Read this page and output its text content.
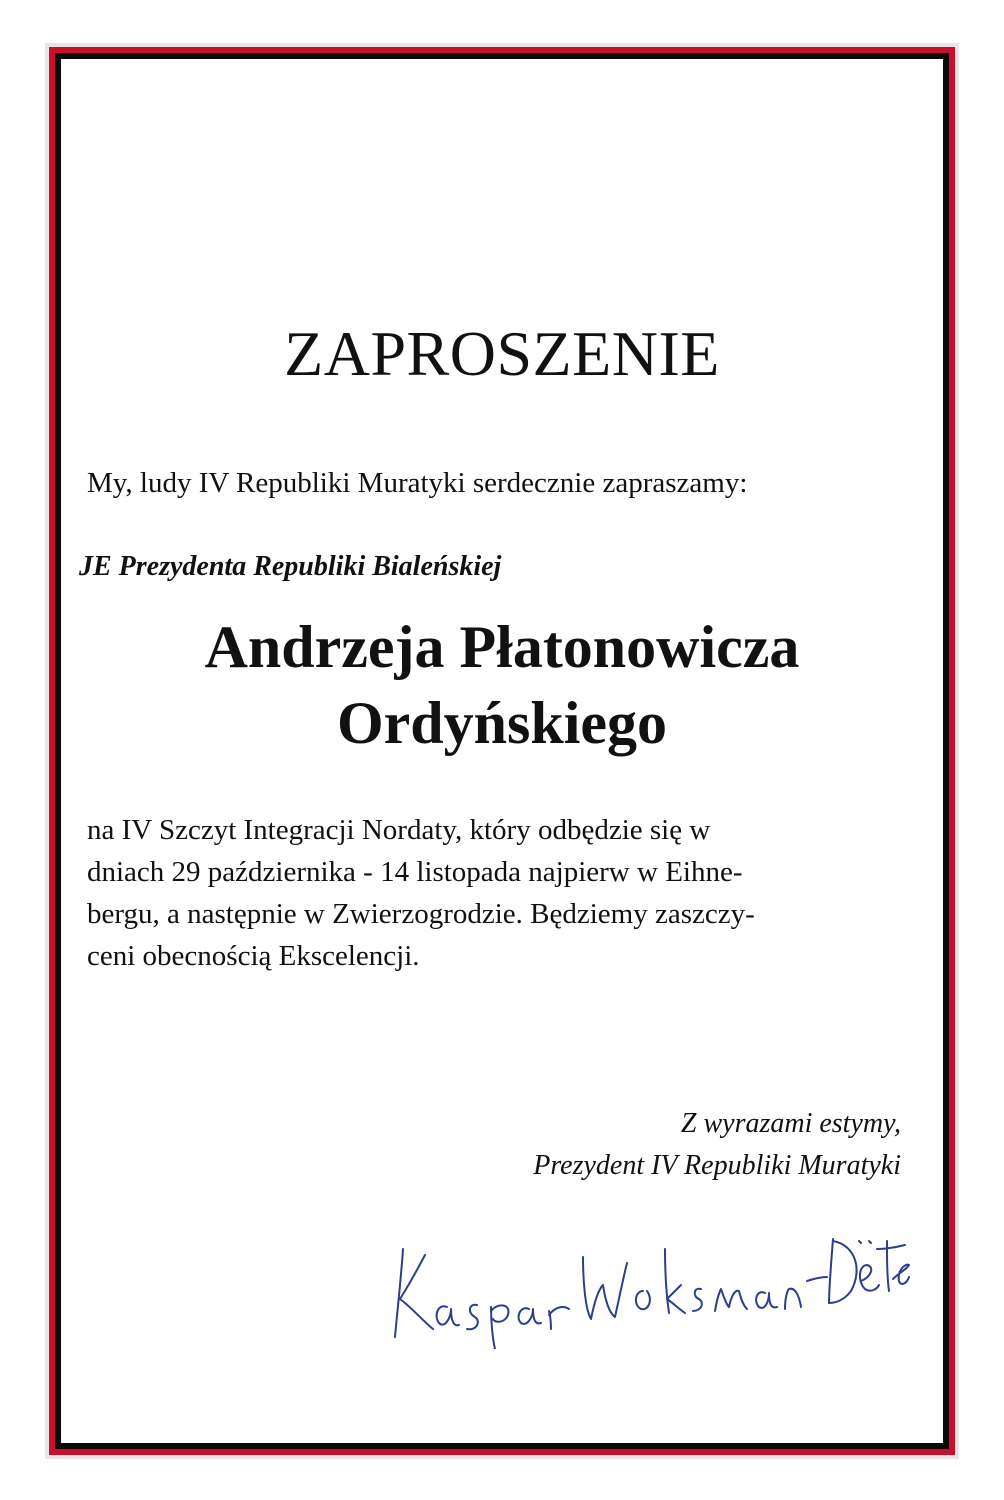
ZAPROSZENIE

My, ludy IV Republiki Muratyki serdecznie zapraszamy:

JE Prezydenta Republiki Bialeńskiej

Andrzeja Płatonowicza
Ordyńskiego
na IV Szczyt Integracji Nordaty, który odbędzie się w
dniach 29 października - 14 listopada najpierw w Eihne-
bergu, a następnie w Zwierzogrodzie. Będziemy zaszczy-
ceni obecnością Ekscelencji.
Z wyrazami estymy,
Prezydent IV Republiki Muratyki
